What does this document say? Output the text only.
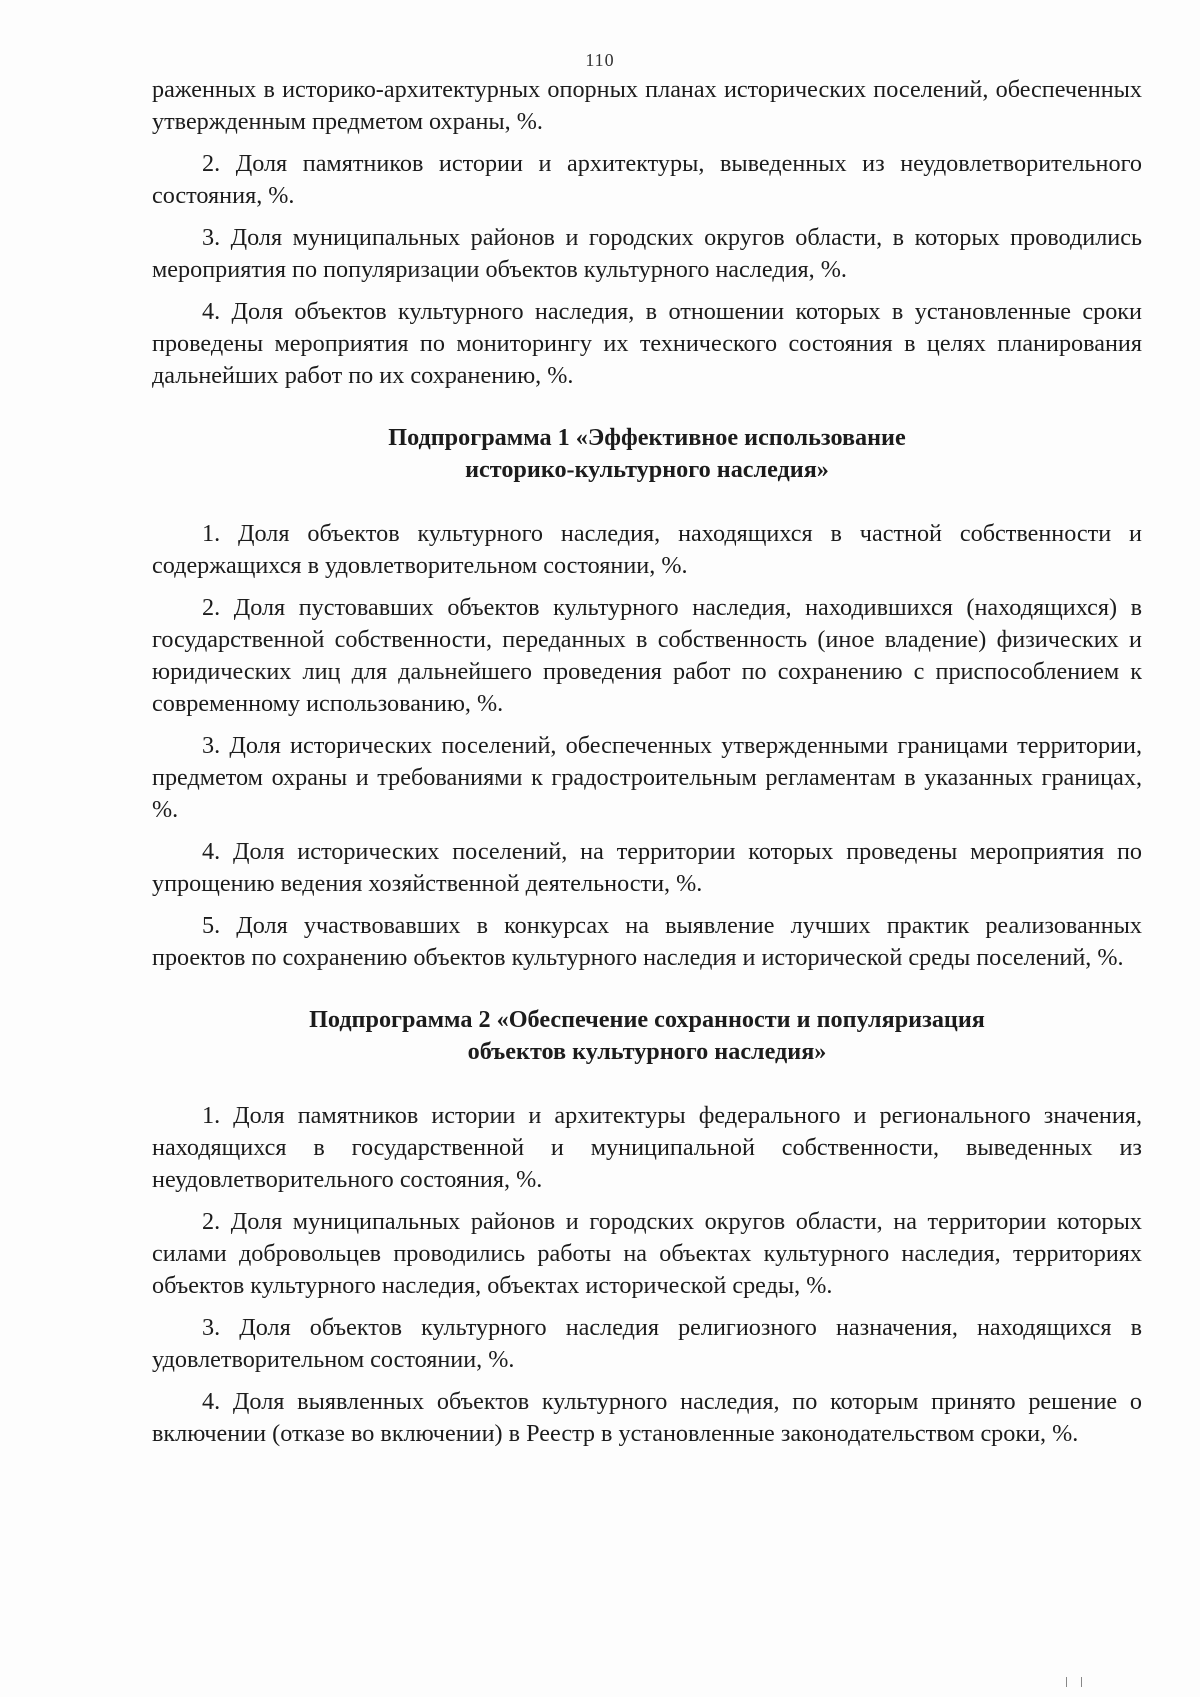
110

раженных в историко-архитектурных опорных планах исторических поселений, обеспеченных утвержденным предметом охраны, %.

2. Доля памятников истории и архитектуры, выведенных из неудовлетворительного состояния, %.

3. Доля муниципальных районов и городских округов области, в которых проводились мероприятия по популяризации объектов культурного наследия, %.

4. Доля объектов культурного наследия, в отношении которых в установленные сроки проведены мероприятия по мониторингу их технического состояния в целях планирования дальнейших работ по их сохранению, %.

Подпрограмма 1 «Эффективное использование
историко-культурного наследия»

1. Доля объектов культурного наследия, находящихся в частной собственности и содержащихся в удовлетворительном состоянии, %.

2. Доля пустовавших объектов культурного наследия, находившихся (находящихся) в государственной собственности, переданных в собственность (иное владение) физических и юридических лиц для дальнейшего проведения работ по сохранению с приспособлением к современному использованию, %.

3. Доля исторических поселений, обеспеченных утвержденными границами территории, предметом охраны и требованиями к градостроительным регламентам в указанных границах, %.

4. Доля исторических поселений, на территории которых проведены мероприятия по упрощению ведения хозяйственной деятельности, %.

5. Доля участвовавших в конкурсах на выявление лучших практик реализованных проектов по сохранению объектов культурного наследия и исторической среды поселений, %.

Подпрограмма 2 «Обеспечение сохранности и популяризация
объектов культурного наследия»

1. Доля памятников истории и архитектуры федерального и регионального значения, находящихся в государственной и муниципальной собственности, выведенных из неудовлетворительного состояния, %.

2. Доля муниципальных районов и городских округов области, на территории которых силами добровольцев проводились работы на объектах культурного наследия, территориях объектов культурного наследия, объектах исторической среды, %.

3. Доля объектов культурного наследия религиозного назначения, находящихся в удовлетворительном состоянии, %.

4. Доля выявленных объектов культурного наследия, по которым принято решение о включении (отказе во включении) в Реестр в установленные законодательством сроки, %.
